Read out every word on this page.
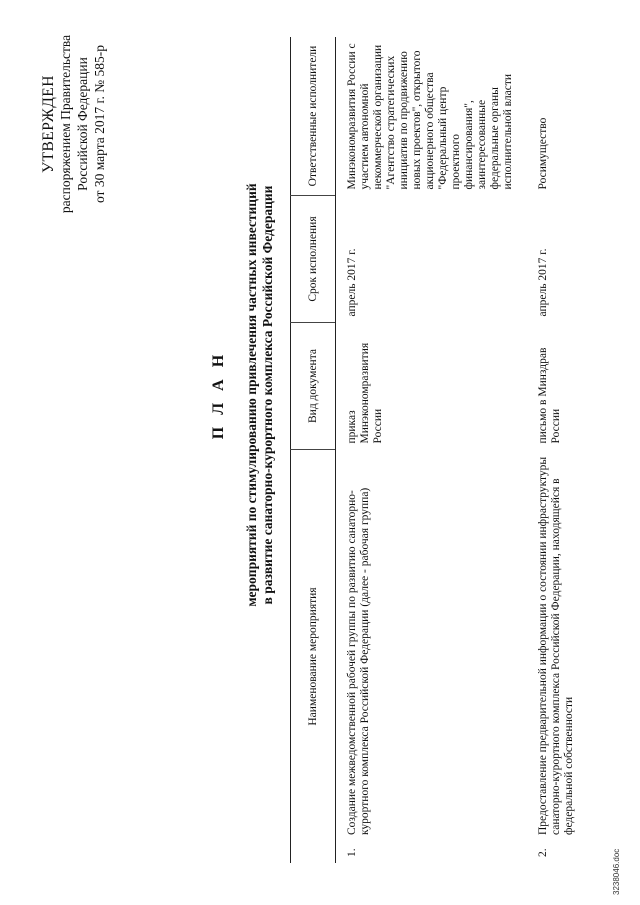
УТВЕРЖДЕН распоряжением Правительства Российской Федерации от 30 марта 2017 г. № 585-р
П Л А Н мероприятий по стимулированию привлечения частных инвестиций в развитие санаторно-курортного комплекса Российской Федерации
Наименование мероприятия		Вид документа	Срок исполнения	Ответственные исполнители
1.	Создание межведомственной рабочей группы по развитию санаторно-курортного комплекса Российской Федерации (далее - рабочая группа)	приказ Минэкономразвития России	апрель 2017 г.	Минэкономразвития России с участием автономной некоммерческой организации "Агентство стратегических инициатив по продвижению новых проектов", открытого акционерного общества "Федеральный центр проектного финансирования", заинтересованные федеральные органы исполнительной власти
2.	Предоставление предварительной информации о состоянии инфраструктуры санаторно-курортного комплекса Российской Федерации, находящейся в федеральной собственности	письмо в Минздрав России	апрель 2017 г.	Росимущество
3238046.doc
